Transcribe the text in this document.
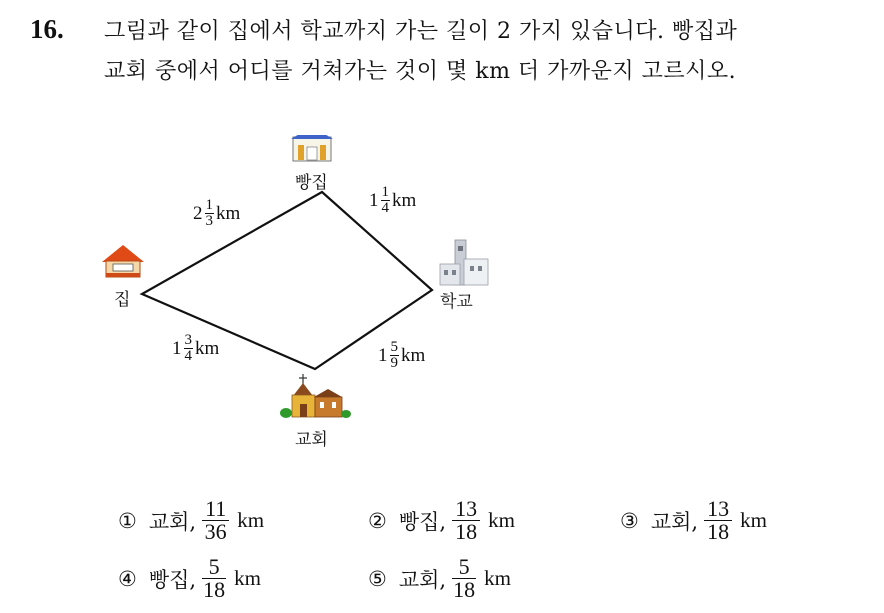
16. 그림과 같이 집에서 학교까지 가는 길이 2 가지 있습니다. 빵집과
교회 중에서 어디를 거쳐가는 것이 몇 km 더 가까운지 고르시오.
빵집
집	학교
교회
$2 \frac{1}{3}$ km
$1 \frac{1}{4}$ km
$1 \frac{3}{4}$ km	$1 \frac{5}{9}$ km
① 교회, $\frac{11}{36}$ km	② 빵집, $\frac{13}{18}$ km	③ 교회, $\frac{13}{18}$ km
④ 빵집, $\frac{5}{18}$ km	⑤ 교회, $\frac{5}{18}$ km
